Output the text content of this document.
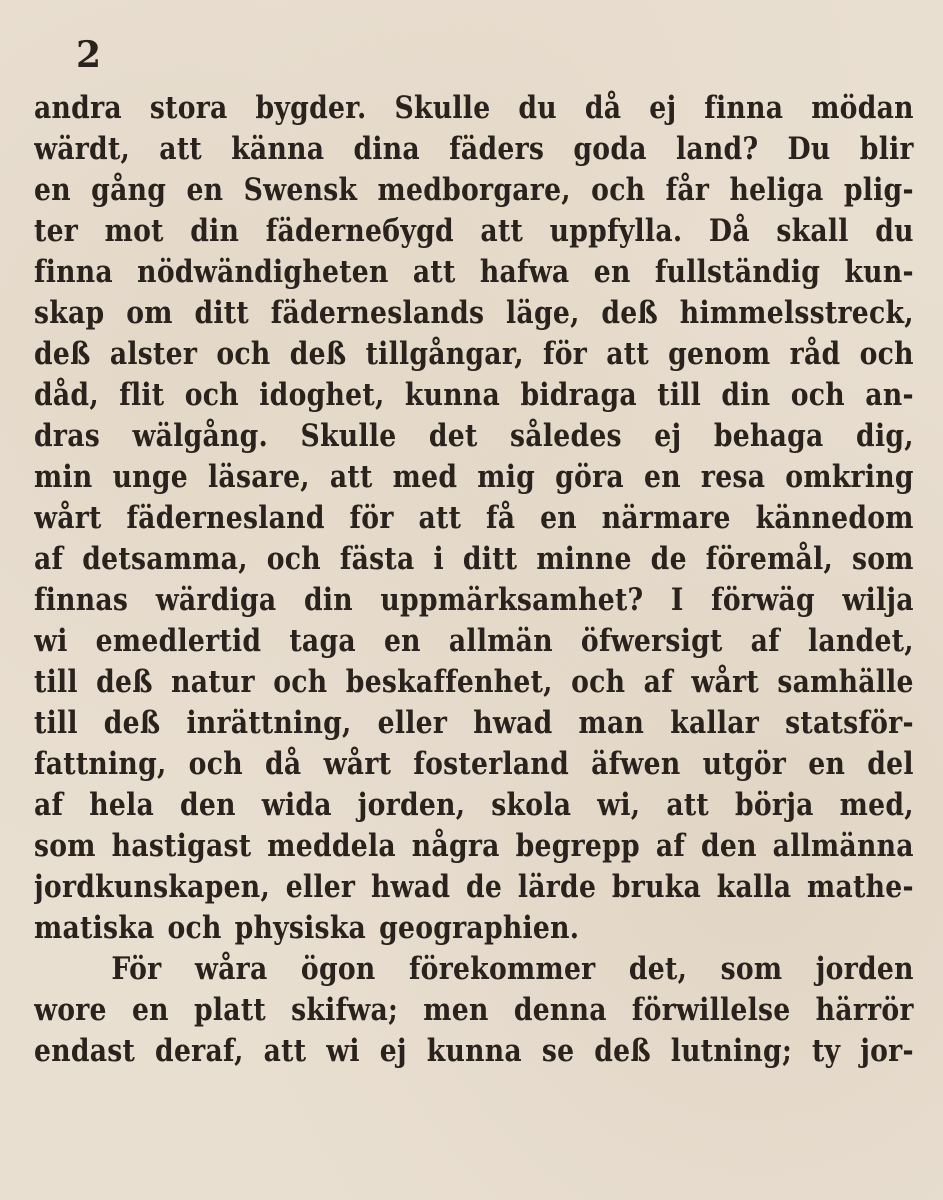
2
andra stora bygder. Skulle du då ej finna mödan
wärdt, att känna dina fäders goda land? Du blir
en gång en Swensk medborgare, och får heliga plig-
ter mot din fäderneбygd att uppfylla. Då skall du
finna nödwändigheten att hafwa en fullständig kun-
skap om ditt fäderneslands läge, deß himmelsstreck,
deß alster och deß tillgångar, för att genom råd och
dåd, flit och idoghet, kunna bidraga till din och an-
dras wälgång. Skulle det således ej behaga dig,
min unge läsare, att med mig göra en resa omkring
wårt fäderneslаnd för att få en närmare kännedom
af detsamma, och fästa i ditt minne de föremål, som
finnas wärdiga din uppmärksamhet? I förwäg wilja
wi emedlertid taga en allmän öfwersigt af landet,
till deß natur och beskaffenhet, och af wårt samhälle
till deß inrättning, eller hwad man kallar statsför-
fattning, och då wårt fosterland äfwen utgör en del
af hela den wida jorden, skola wi, att börja med,
som hastigast meddela några begrepp af den allmänna
jordkunskapen, eller hwad de lärde bruka kalla mathe-
matiska och physiska geographien.
För wåra ögon förekommer det, som jorden
wore en platt skifwa; men denna förwillelse härrör
endast deraf, att wi ej kunna se deß lutning; ty jor-
